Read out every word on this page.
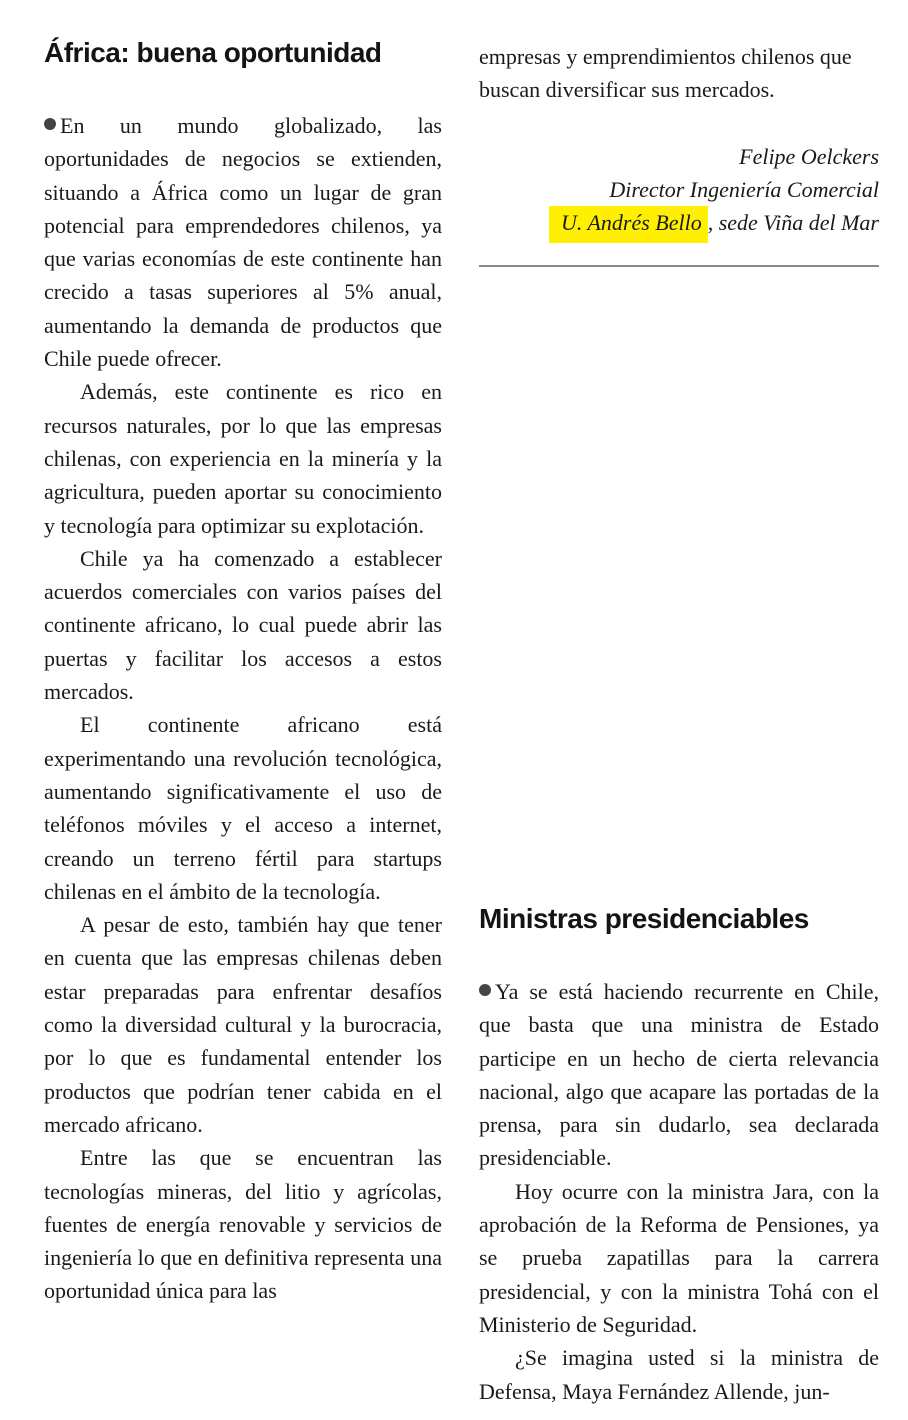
África: buena oportunidad

En un mundo globalizado, las oportunidades de negocios se extienden, situando a África como un lugar de gran potencial para emprendedores chilenos, ya que varias economías de este continente han crecido a tasas superiores al 5% anual, aumentando la demanda de productos que Chile puede ofrecer.

Además, este continente es rico en recursos naturales, por lo que las empresas chilenas, con experiencia en la minería y la agricultura, pueden aportar su conocimiento y tecnología para optimizar su explotación.

Chile ya ha comenzado a establecer acuerdos comerciales con varios países del continente africano, lo cual puede abrir las puertas y facilitar los accesos a estos mercados.

El continente africano está experimentando una revolución tecnológica, aumentando significativamente el uso de teléfonos móviles y el acceso a internet, creando un terreno fértil para startups chilenas en el ámbito de la tecnología.

A pesar de esto, también hay que tener en cuenta que las empresas chilenas deben estar preparadas para enfrentar desafíos como la diversidad cultural y la burocracia, por lo que es fundamental entender los productos que podrían tener cabida en el mercado africano.

Entre las que se encuentran las tecnologías mineras, del litio y agrícolas, fuentes de energía renovable y servicios de ingeniería lo que en definitiva representa una oportunidad única para las

empresas y emprendimientos chilenos que buscan diversificar sus mercados.

Felipe Oelckers
Director Ingeniería Comercial
U. Andrés Bello , sede Viña del Mar
Ministras presidenciables

Ya se está haciendo recurrente en Chile, que basta que una ministra de Estado participe en un hecho de cierta relevancia nacional, algo que acapare las portadas de la prensa, para sin dudarlo, sea declarada presidenciable.

Hoy ocurre con la ministra Jara, con la aprobación de la Reforma de Pensiones, ya se prueba zapatillas para la carrera presidencial, y con la ministra Tohá con el Ministerio de Seguridad.

¿Se imagina usted si la ministra de Defensa, Maya Fernández Allende, jun-
